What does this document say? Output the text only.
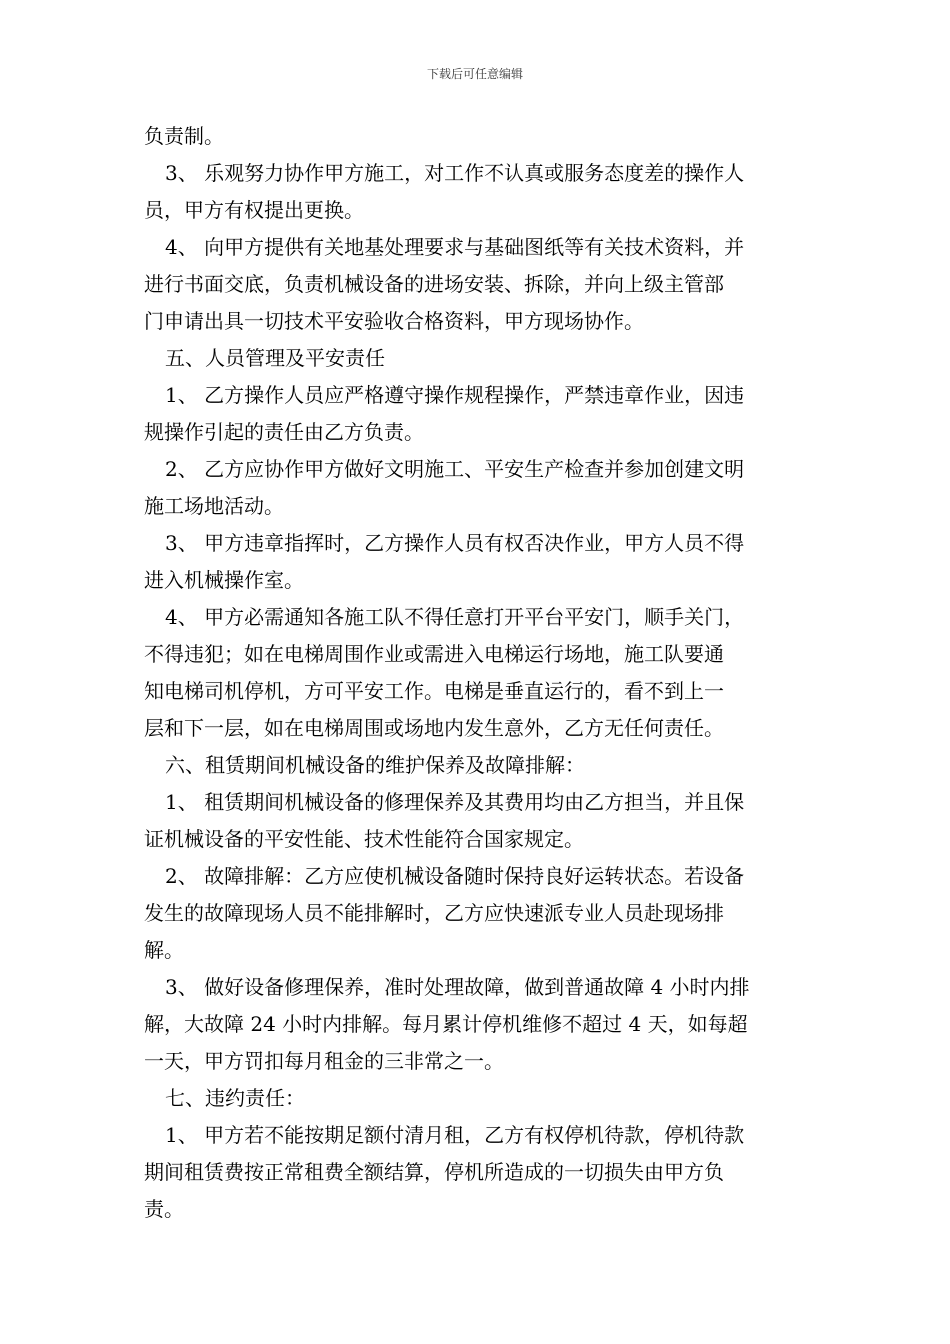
下载后可任意编辑
负责制。
3、 乐观努力协作甲方施工，对工作不认真或服务态度差的操作人
员，甲方有权提出更换。
4、 向甲方提供有关地基处理要求与基础图纸等有关技术资料，并
进行书面交底，负责机械设备的进场安装、拆除，并向上级主管部
门申请出具一切技术平安验收合格资料，甲方现场协作。
五、人员管理及平安责任
1、 乙方操作人员应严格遵守操作规程操作，严禁违章作业，因违
规操作引起的责任由乙方负责。
2、 乙方应协作甲方做好文明施工、平安生产检查并参加创建文明
施工场地活动。
3、 甲方违章指挥时，乙方操作人员有权否决作业，甲方人员不得
进入机械操作室。
4、 甲方必需通知各施工队不得任意打开平台平安门，顺手关门，
不得违犯；如在电梯周围作业或需进入电梯运行场地，施工队要通
知电梯司机停机，方可平安工作。电梯是垂直运行的，看不到上一
层和下一层，如在电梯周围或场地内发生意外，乙方无任何责任。
六、租赁期间机械设备的维护保养及故障排解：
1、 租赁期间机械设备的修理保养及其费用均由乙方担当，并且保
证机械设备的平安性能、技术性能符合国家规定。
2、 故障排解：乙方应使机械设备随时保持良好运转状态。若设备
发生的故障现场人员不能排解时，乙方应快速派专业人员赴现场排
解。
3、 做好设备修理保养，准时处理故障，做到普通故障 4 小时内排
解，大故障 24 小时内排解。每月累计停机维修不超过 4 天，如每超
一天，甲方罚扣每月租金的三非常之一。
七、违约责任：
1、 甲方若不能按期足额付清月租，乙方有权停机待款，停机待款
期间租赁费按正常租费全额结算，停机所造成的一切损失由甲方负
责。
